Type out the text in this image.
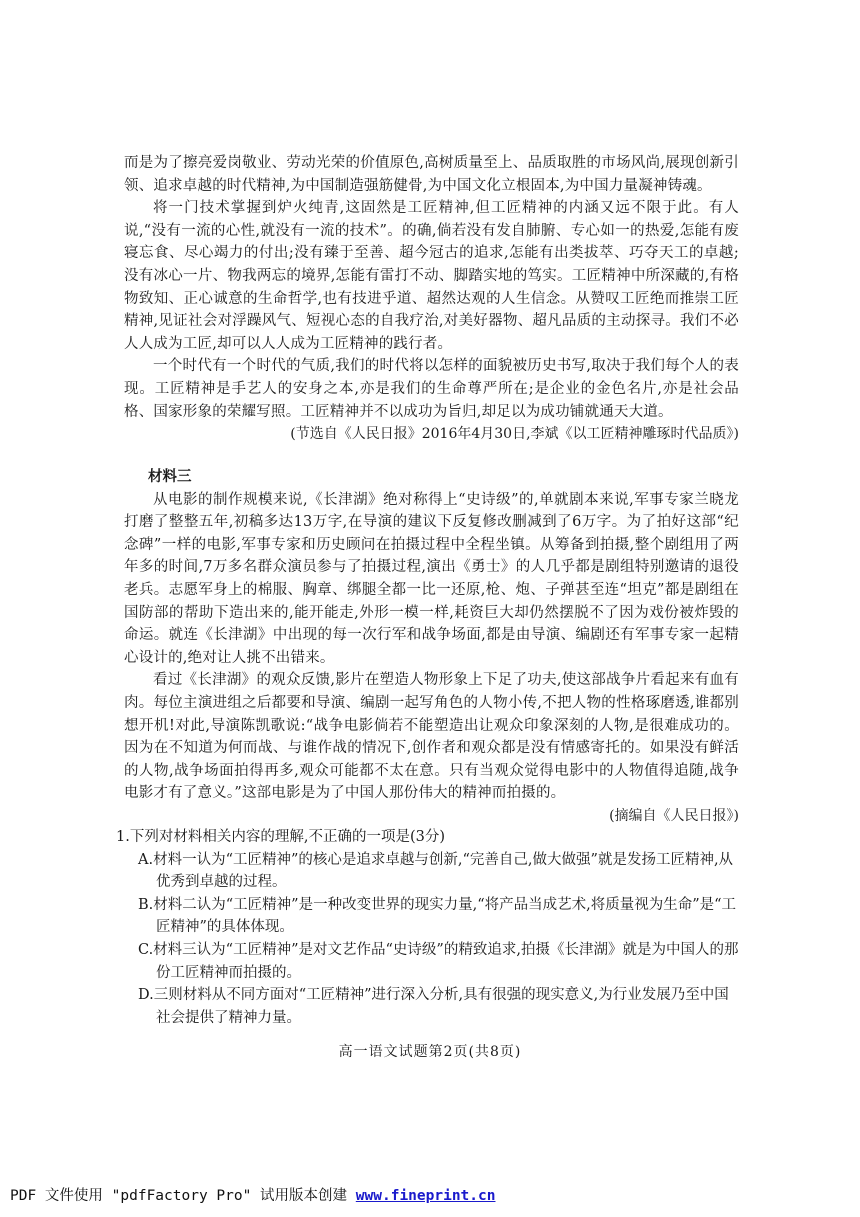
而是为了擦亮爱岗敬业、劳动光荣的价值原色,高树质量至上、品质取胜的市场风尚,展现创新引领、追求卓越的时代精神,为中国制造强筋健骨,为中国文化立根固本,为中国力量凝神铸魂。

将一门技术掌握到炉火纯青,这固然是工匠精神,但工匠精神的内涵又远不限于此。有人说,“没有一流的心性,就没有一流的技术”。的确,倘若没有发自肺腑、专心如一的热爱,怎能有废寝忘食、尽心竭力的付出;没有臻于至善、超今冠古的追求,怎能有出类拔萃、巧夺天工的卓越;没有冰心一片、物我两忘的境界,怎能有雷打不动、脚踏实地的笃实。工匠精神中所深藏的,有格物致知、正心诚意的生命哲学,也有技进乎道、超然达观的人生信念。从赞叹工匠绝而推崇工匠精神,见证社会对浮躁风气、短视心态的自我疗治,对美好器物、超凡品质的主动探寻。我们不必人人成为工匠,却可以人人成为工匠精神的践行者。

一个时代有一个时代的气质,我们的时代将以怎样的面貌被历史书写,取决于我们每个人的表现。工匠精神是手艺人的安身之本,亦是我们的生命尊严所在;是企业的金色名片,亦是社会品格、国家形象的荣耀写照。工匠精神并不以成功为旨归,却足以为成功铺就通天大道。

(节选自《人民日报》2016年4月30日,李斌《以工匠精神雕琢时代品质》)

材料三

从电影的制作规模来说,《长津湖》绝对称得上“史诗级”的,单就剧本来说,军事专家兰晓龙打磨了整整五年,初稿多达13万字,在导演的建议下反复修改删减到了6万字。为了拍好这部“纪念碑”一样的电影,军事专家和历史顾问在拍摄过程中全程坐镇。从筹备到拍摄,整个剧组用了两年多的时间,7万多名群众演员参与了拍摄过程,演出《勇士》的人几乎都是剧组特别邀请的退役老兵。志愿军身上的棉服、胸章、绑腿全都一比一还原,枪、炮、子弹甚至连“坦克”都是剧组在国防部的帮助下造出来的,能开能走,外形一模一样,耗资巨大却仍然摆脱不了因为戏份被炸毁的命运。就连《长津湖》中出现的每一次行军和战争场面,都是由导演、编剧还有军事专家一起精心设计的,绝对让人挑不出错来。

看过《长津湖》的观众反馈,影片在塑造人物形象上下足了功夫,使这部战争片看起来有血有肉。每位主演进组之后都要和导演、编剧一起写角色的人物小传,不把人物的性格琢磨透,谁都别想开机!对此,导演陈凯歌说:“战争电影倘若不能塑造出让观众印象深刻的人物,是很难成功的。因为在不知道为何而战、与谁作战的情况下,创作者和观众都是没有情感寄托的。如果没有鲜活的人物,战争场面拍得再多,观众可能都不太在意。只有当观众觉得电影中的人物值得追随,战争电影才有了意义。”这部电影是为了中国人那份伟大的精神而拍摄的。

(摘编自《人民日报》)

1.下列对材料相关内容的理解,不正确的一项是(3分)

A.材料一认为“工匠精神”的核心是追求卓越与创新,“完善自己,做大做强”就是发扬工匠精神,从优秀到卓越的过程。

B.材料二认为“工匠精神”是一种改变世界的现实力量,“将产品当成艺术,将质量视为生命”是“工匠精神”的具体体现。

C.材料三认为“工匠精神”是对文艺作品“史诗级”的精致追求,拍摄《长津湖》就是为中国人的那份工匠精神而拍摄的。

D.三则材料从不同方面对“工匠精神”进行深入分析,具有很强的现实意义,为行业发展乃至中国社会提供了精神力量。

高一语文试题第2页(共8页)
PDF 文件使用 "pdfFactory Pro" 试用版本创建 www.fineprint.cn
